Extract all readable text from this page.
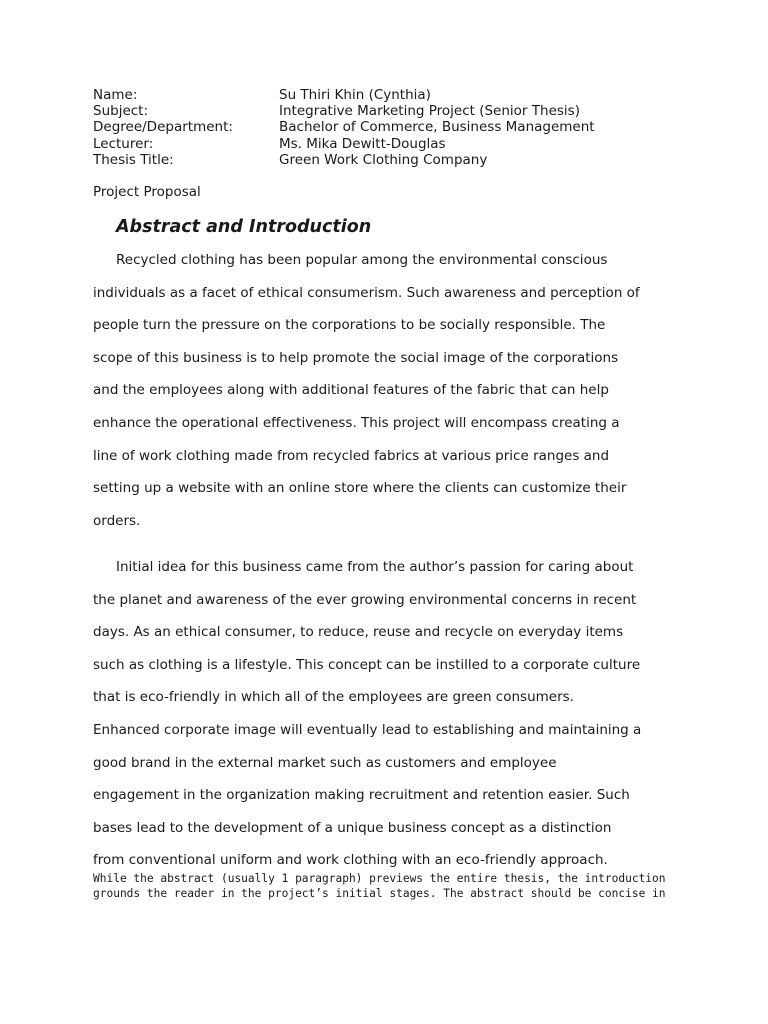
Name:	Su Thiri Khin (Cynthia)
Subject:	Integrative Marketing Project (Senior Thesis)
Degree/Department:	Bachelor of Commerce, Business Management
Lecturer:	Ms. Mika Dewitt-Douglas
Thesis Title:	Green Work Clothing Company
Project Proposal
Abstract and Introduction
Recycled clothing has been popular among the environmental conscious
individuals as a facet of ethical consumerism. Such awareness and perception of
people turn the pressure on the corporations to be socially responsible. The
scope of this business is to help promote the social image of the corporations
and the employees along with additional features of the fabric that can help
enhance the operational effectiveness. This project will encompass creating a
line of work clothing made from recycled fabrics at various price ranges and
setting up a website with an online store where the clients can customize their
orders.
Initial idea for this business came from the author’s passion for caring about
the planet and awareness of the ever growing environmental concerns in recent
days. As an ethical consumer, to reduce, reuse and recycle on everyday items
such as clothing is a lifestyle. This concept can be instilled to a corporate culture
that is eco-friendly in which all of the employees are green consumers.
Enhanced corporate image will eventually lead to establishing and maintaining a
good brand in the external market such as customers and employee
engagement in the organization making recruitment and retention easier. Such
bases lead to the development of a unique business concept as a distinction
from conventional uniform and work clothing with an eco-friendly approach.
While the abstract (usually 1 paragraph) previews the entire thesis, the introduction
grounds the reader in the project’s initial stages. The abstract should be concise in
